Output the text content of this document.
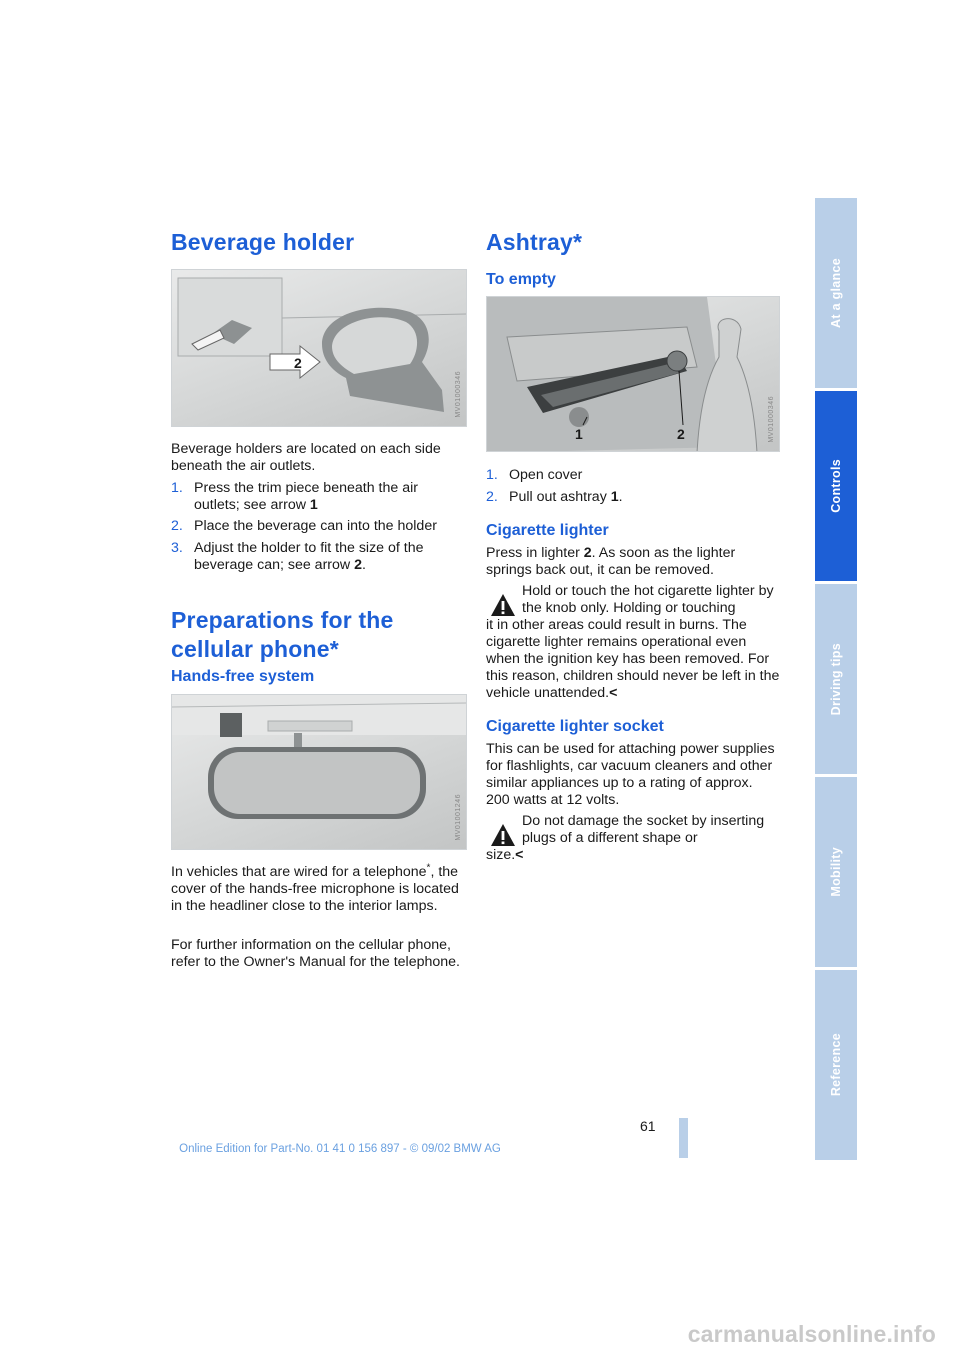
Beverage holder
2
MV01000346

Beverage holders are located on each side beneath the air outlets.

1. Press the trim piece beneath the air outlets; see arrow 1
2. Place the beverage can into the holder
3. Adjust the holder to fit the size of the beverage can; see arrow 2.
Preparations for the cellular phone*
Hands-free system
MV01001246

In vehicles that are wired for a telephone*, the cover of the hands-free microphone is located in the headliner close to the interior lamps.

For further information on the cellular phone, refer to the Owner's Manual for the telephone.

Ashtray*
To empty
1	2	MV01000346
1. Open cover
2. Pull out ashtray 1.
Cigarette lighter

Press in lighter 2. As soon as the lighter springs back out, it can be removed.

Hold or touch the hot cigarette lighter by the knob only. Holding or touching
it in other areas could result in burns. The cigarette lighter remains operational even when the ignition key has been removed. For this reason, children should never be left in the vehicle unattended.<
Cigarette lighter socket

This can be used for attaching power supplies for flashlights, car vacuum cleaners and other similar appliances up to a rating of approx. 200 watts at 12 volts.

Do not damage the socket by inserting plugs of a different shape or
size.<
At a glance
Controls
Driving tips
Mobility
Reference
61
Online Edition for Part-No. 01 41 0 156 897 - © 09/02 BMW AG
carmanualsonline.info
